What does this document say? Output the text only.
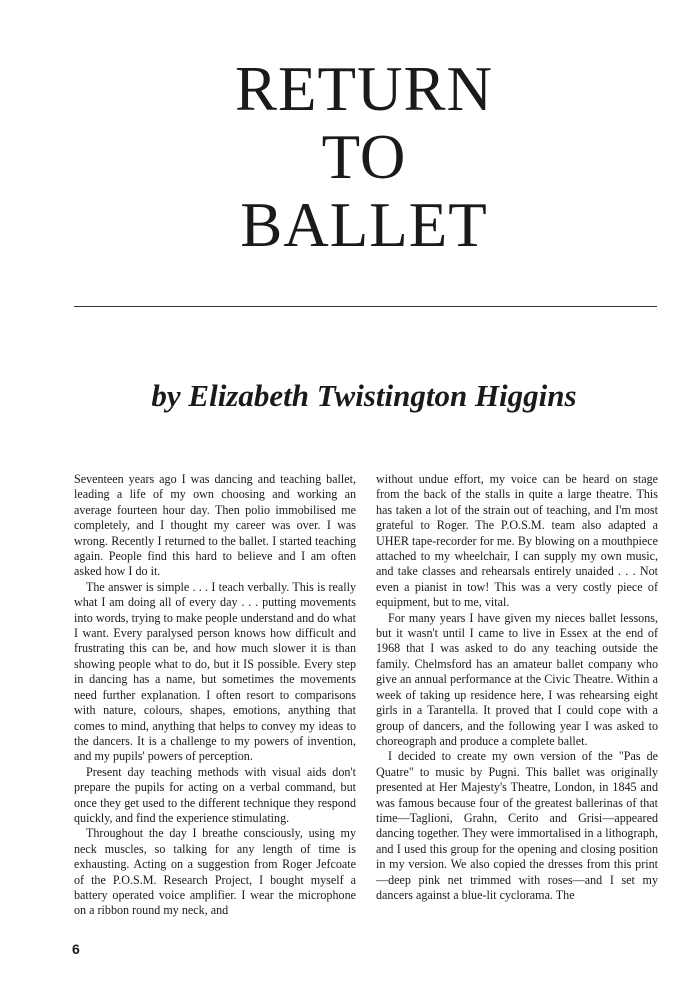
RETURN
TO
BALLET
by Elizabeth Twistington Higgins

Seventeen years ago I was dancing and teaching ballet, leading a life of my own choosing and working an average fourteen hour day. Then polio immobilised me completely, and I thought my career was over. I was wrong. Recently I returned to the ballet. I started teaching again. People find this hard to believe and I am often asked how I do it.

The answer is simple . . . I teach verbally. This is really what I am doing all of every day . . . putting movements into words, trying to make people understand and do what I want. Every paralysed person knows how difficult and frustrating this can be, and how much slower it is than showing people what to do, but it IS possible. Every step in dancing has a name, but sometimes the movements need further explanation. I often resort to comparisons with nature, colours, shapes, emotions, anything that comes to mind, anything that helps to convey my ideas to the dancers. It is a challenge to my powers of invention, and my pupils' powers of perception.

Present day teaching methods with visual aids don't prepare the pupils for acting on a verbal command, but once they get used to the different technique they respond quickly, and find the experience stimulating.

Throughout the day I breathe consciously, using my neck muscles, so talking for any length of time is exhausting. Acting on a suggestion from Roger Jefcoate of the P.O.S.M. Research Project, I bought myself a battery operated voice amplifier. I wear the microphone on a ribbon round my neck, and

without undue effort, my voice can be heard on stage from the back of the stalls in quite a large theatre. This has taken a lot of the strain out of teaching, and I'm most grateful to Roger. The P.O.S.M. team also adapted a UHER tape-recorder for me. By blowing on a mouthpiece attached to my wheelchair, I can supply my own music, and take classes and rehearsals entirely unaided . . . Not even a pianist in tow! This was a very costly piece of equipment, but to me, vital.

For many years I have given my nieces ballet lessons, but it wasn't until I came to live in Essex at the end of 1968 that I was asked to do any teaching outside the family. Chelmsford has an amateur ballet company who give an annual performance at the Civic Theatre. Within a week of taking up residence here, I was rehearsing eight girls in a Tarantella. It proved that I could cope with a group of dancers, and the following year I was asked to choreograph and produce a complete ballet.

I decided to create my own version of the "Pas de Quatre" to music by Pugni. This ballet was originally presented at Her Majesty's Theatre, London, in 1845 and was famous because four of the greatest ballerinas of that time—Taglioni, Grahn, Cerito and Grisi—appeared dancing together. They were immortalised in a lithograph, and I used this group for the opening and closing position in my version. We also copied the dresses from this print—deep pink net trimmed with roses—and I set my dancers against a blue-lit cyclorama. The

6
